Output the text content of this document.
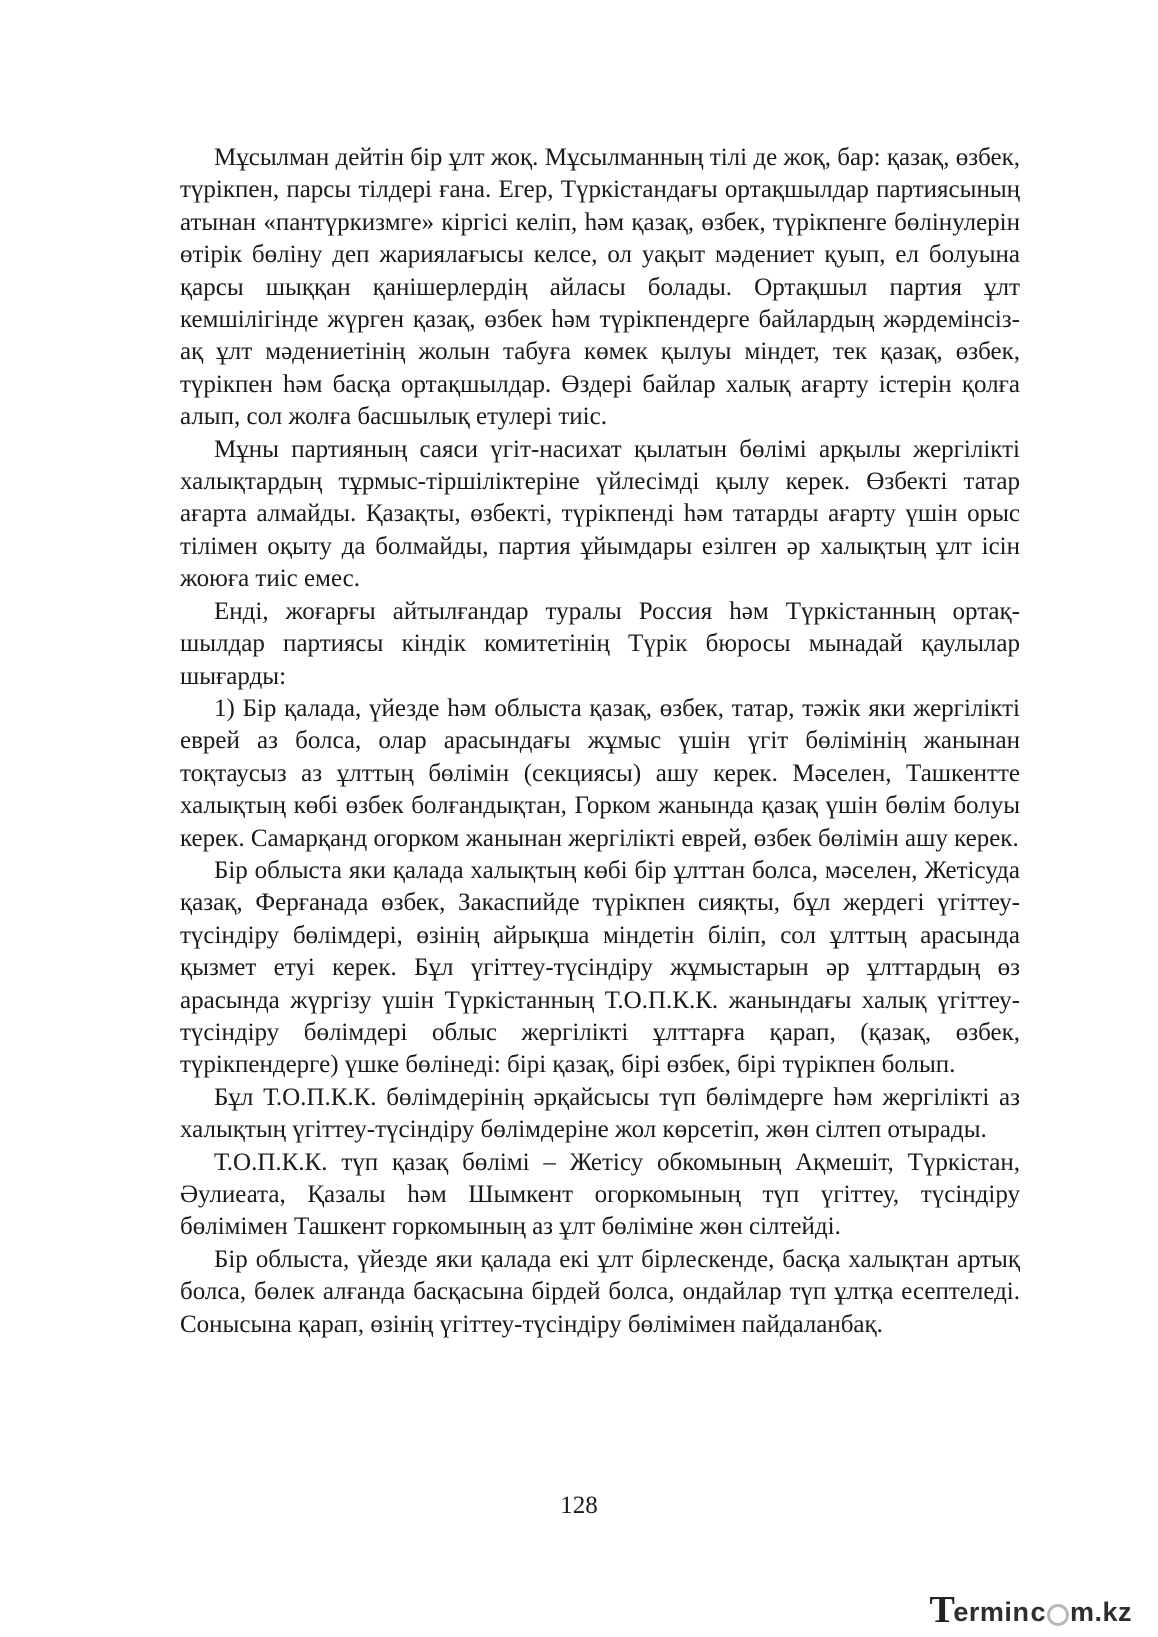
Мұсылман дейтін бір ұлт жоқ. Мұсылманның тілі де жоқ, бар: қазақ, өзбек, түрікпен, парсы тілдері ғана. Егер, Түркістандағы ортақшылдар партиясының атынан «пантүркизмге» кіргісі келіп, һәм қазақ, өзбек, түрікпенге бөлінулерін өтірік бөліну деп жариялағысы келсе, ол уақыт мәдениет қуып, ел болуына қарсы шыққан қанішерлердің айласы болады. Ортақшыл партия ұлт кемшілігінде жүрген қазақ, өзбек һәм түрікпендерге байлардың жәрдемінсіз-ақ ұлт мәдениетінің жолын табуға көмек қылуы міндет, тек қазақ, өзбек, түрікпен һәм басқа ортақшылдар. Өздері байлар халық ағарту істерін қолға алып, сол жолға басшылық етулері тиіс.

Мұны партияның саяси үгіт-насихат қылатын бөлімі арқылы жергілікті халықтардың тұрмыс-тіршіліктеріне үйлесімді қылу керек. Өзбекті татар ағарта алмайды. Қазақты, өзбекті, түрікпенді һәм татарды ағарту үшін орыс тілімен оқыту да болмайды, партия ұйымдары езілген әр халықтың ұлт ісін жоюға тиіс емес.

Енді, жоғарғы айтылғандар туралы Россия һәм Түркістанның ортақшылдар партиясы кіндік комитетінің Түрік бюросы мынадай қаулылар шығарды:

1) Бір қалада, үйезде һәм облыста қазақ, өзбек, татар, тәжік яки жергілікті еврей аз болса, олар арасындағы жұмыс үшін үгіт бөлімінің жанынан тоқтаусыз аз ұлттың бөлімін (секциясы) ашу керек. Мәселен, Ташкентте халықтың көбі өзбек болғандықтан, Горком жанында қазақ үшін бөлім болуы керек. Самарқанд огорком жанынан жергілікті еврей, өзбек бөлімін ашу керек.

Бір облыста яки қалада халықтың көбі бір ұлттан болса, мәселен, Жетісуда қазақ, Ферғанада өзбек, Закаспийде түрікпен сияқты, бұл жердегі үгіттеу-түсіндіру бөлімдері, өзінің айрықша міндетін біліп, сол ұлттың арасында қызмет етуі керек. Бұл үгіттеу-түсіндіру жұмыстарын әр ұлттардың өз арасында жүргізу үшін Түркістанның Т.О.П.К.К. жанындағы халық үгіттеу-түсіндіру бөлімдері облыс жергілікті ұлттарға қарап, (қазақ, өзбек, түрікпендерге) үшке бөлінеді: бірі қазақ, бірі өзбек, бірі түрікпен болып.

Бұл Т.О.П.К.К. бөлімдерінің әрқайсысы түп бөлімдерге һәм жергілікті аз халықтың үгіттеу-түсіндіру бөлімдеріне жол көрсетіп, жөн сілтеп отырады.

Т.О.П.К.К. түп қазақ бөлімі – Жетісу обкомының Ақмешіт, Түркістан, Әулиеата, Қазалы һәм Шымкент огоркомының түп үгіттеу, түсіндіру бөлімімен Ташкент горкомының аз ұлт бөліміне жөн сілтейді.

Бір облыста, үйезде яки қалада екі ұлт бірлескенде, басқа халықтан артық болса, бөлек алғанда басқасына бірдей болса, ондайлар түп ұлтқа есептеледі. Сонысына қарап, өзінің үгіттеу-түсіндіру бөлімімен пайдаланбақ.

128
T
ermin c m.kz
